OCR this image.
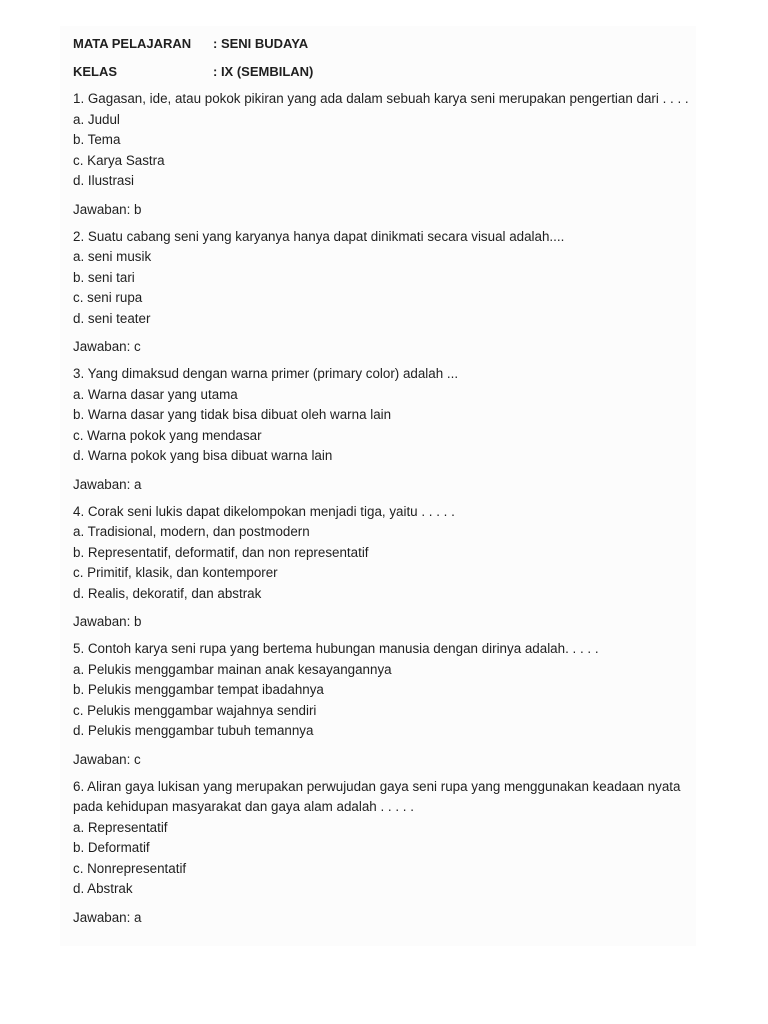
MATA PELAJARAN	: SENI BUDAYA
KELAS	: IX (SEMBILAN)
1. Gagasan, ide, atau pokok pikiran yang ada dalam sebuah karya seni merupakan pengertian dari . . . .
a. Judul
b. Tema
c. Karya Sastra
d. Ilustrasi
Jawaban: b
2. Suatu cabang seni yang karyanya hanya dapat dinikmati secara visual adalah....
a. seni musik
b. seni tari
c. seni rupa
d. seni teater
Jawaban: c
3. Yang dimaksud dengan warna primer (primary color) adalah ...
a. Warna dasar yang utama
b. Warna dasar yang tidak bisa dibuat oleh warna lain
c. Warna pokok yang mendasar
d. Warna pokok yang bisa dibuat warna lain
Jawaban: a
4. Corak seni lukis dapat dikelompokan menjadi tiga, yaitu . . . . .
a. Tradisional, modern, dan postmodern
b. Representatif, deformatif, dan non representatif
c. Primitif, klasik, dan kontemporer
d. Realis, dekoratif, dan abstrak
Jawaban: b
5. Contoh karya seni rupa yang bertema hubungan manusia dengan dirinya adalah. . . . .
a. Pelukis menggambar mainan anak kesayangannya
b. Pelukis menggambar tempat ibadahnya
c. Pelukis menggambar wajahnya sendiri
d. Pelukis menggambar tubuh temannya
Jawaban: c
6. Aliran gaya lukisan yang merupakan perwujudan gaya seni rupa yang menggunakan keadaan nyata pada kehidupan masyarakat dan gaya alam adalah . . . . .
a. Representatif
b. Deformatif
c. Nonrepresentatif
d. Abstrak
Jawaban: a
